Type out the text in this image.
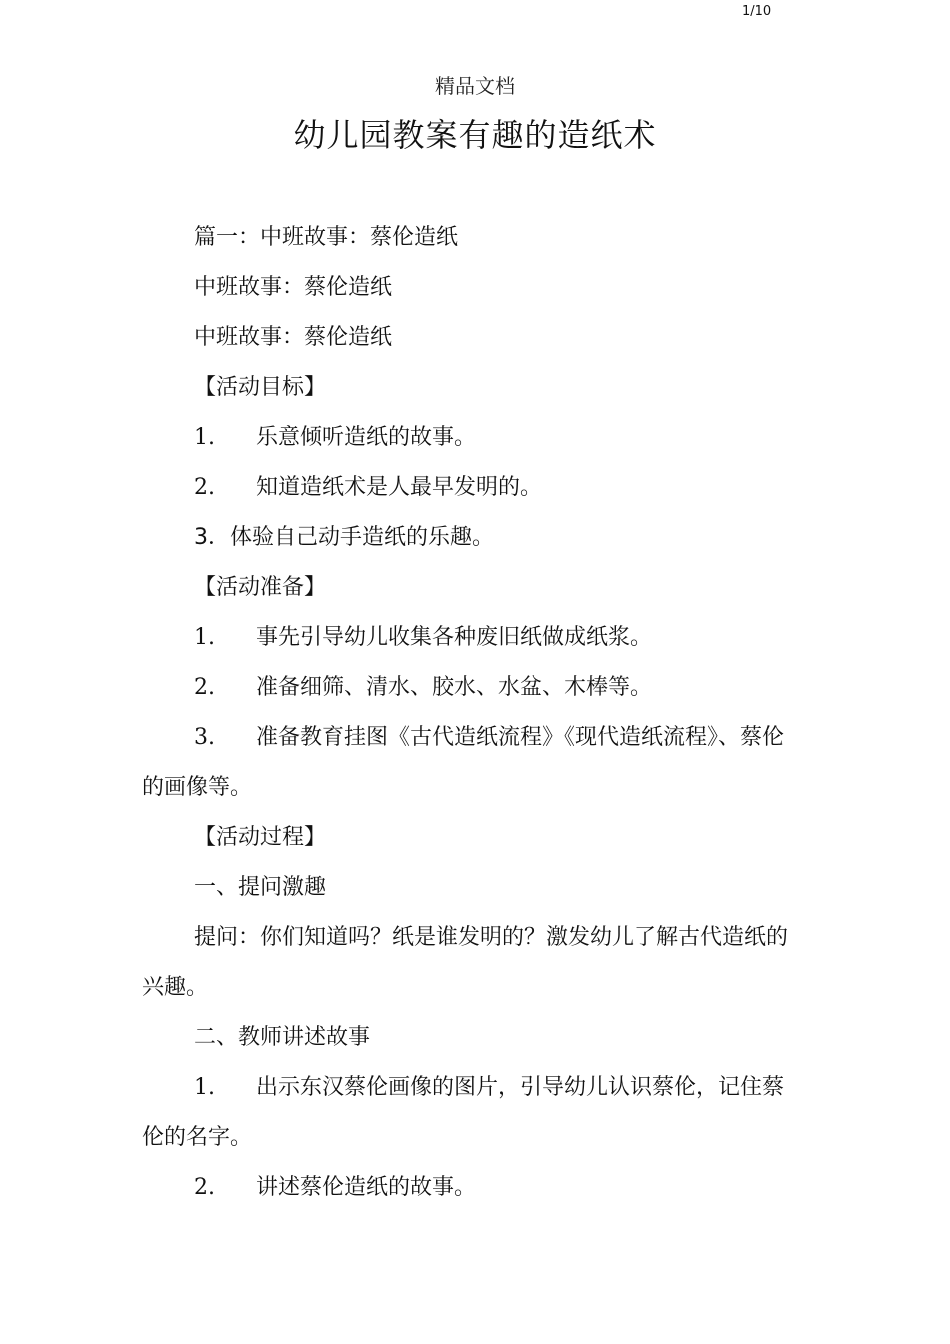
1/10
精品文档
幼儿园教案有趣的造纸术

篇一：中班故事：蔡伦造纸

中班故事：蔡伦造纸

中班故事：蔡伦造纸

【活动目标】

1.	乐意倾听造纸的故事。
2.	知道造纸术是人最早发明的。

3．体验自己动手造纸的乐趣。

【活动准备】

1.	事先引导幼儿收集各种废旧纸做成纸浆。
2.	准备细筛、清水、胶水、水盆、木棒等。
3. 准备教育挂图《古代造纸流程》《现代造纸流程》、蔡伦的画像等。

【活动过程】

一、提问激趣

提问：你们知道吗？纸是谁发明的？激发幼儿了解古代造纸的兴趣。

二、教师讲述故事

1. 出示东汉蔡伦画像的图片，引导幼儿认识蔡伦，记住蔡伦的名字。
2.	讲述蔡伦造纸的故事。
